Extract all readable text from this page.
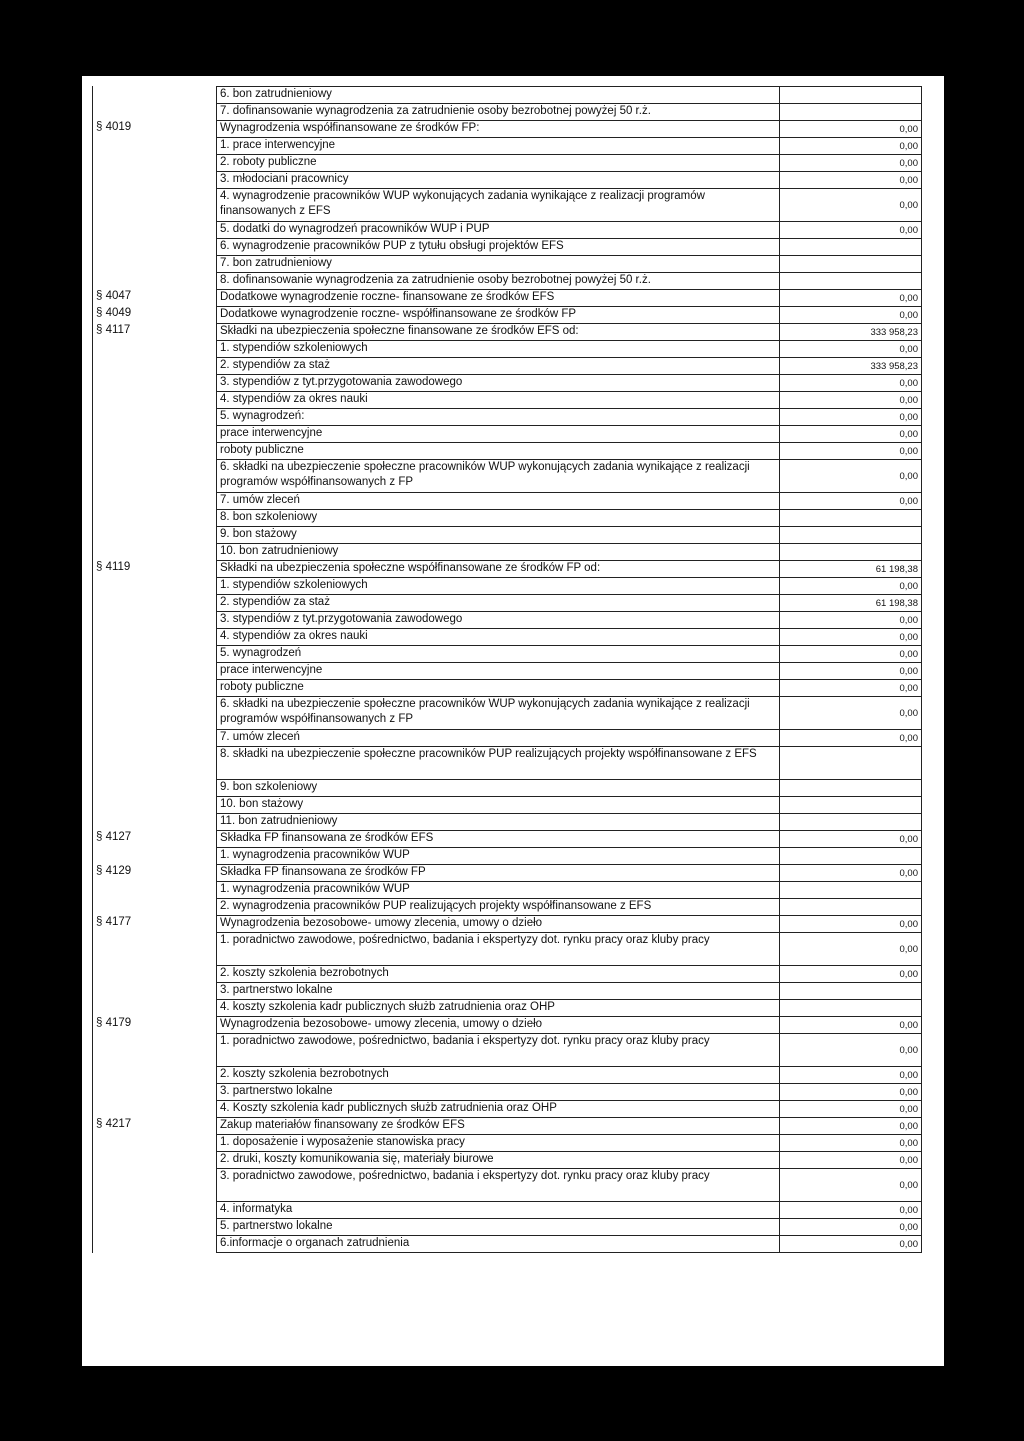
	6. bon zatrudnieniowy	
	7. dofinansowanie wynagrodzenia za zatrudnienie osoby bezrobotnej powyżej 50 r.ż.	
§ 4019	Wynagrodzenia współfinansowane ze środków FP:	0,00
	1. prace interwencyjne	0,00
	2. roboty publiczne	0,00
	3. młodociani pracownicy	0,00
	4. wynagrodzenie pracowników WUP wykonujących zadania wynikające z realizacji programów finansowanych z EFS	0,00
	5. dodatki do wynagrodzeń pracowników WUP i PUP	0,00
	6. wynagrodzenie pracowników PUP z tytułu obsługi projektów EFS	
	7. bon zatrudnieniowy	
	8. dofinansowanie wynagrodzenia za zatrudnienie osoby bezrobotnej powyżej 50 r.ż.	
§ 4047	Dodatkowe wynagrodzenie roczne- finansowane ze środków EFS	0,00
§ 4049	Dodatkowe wynagrodzenie roczne- współfinansowane ze środków FP	0,00
§ 4117	Składki na ubezpieczenia społeczne finansowane ze środków EFS od:	333 958,23
	1. stypendiów szkoleniowych	0,00
	2. stypendiów za staż	333 958,23
	3. stypendiów z tyt.przygotowania zawodowego	0,00
	4. stypendiów za okres nauki	0,00
	5. wynagrodzeń:	0,00
	prace interwencyjne	0,00
	roboty publiczne	0,00
	6. składki na ubezpieczenie społeczne pracowników WUP wykonujących zadania wynikające z realizacji programów współfinansowanych z FP	0,00
	7. umów zleceń	0,00
	8. bon szkoleniowy	
	9. bon stażowy	
	10. bon zatrudnieniowy	
§ 4119	Składki na ubezpieczenia społeczne współfinansowane ze środków FP od:	61 198,38
	1. stypendiów szkoleniowych	0,00
	2. stypendiów za staż	61 198,38
	3. stypendiów z tyt.przygotowania zawodowego	0,00
	4. stypendiów za okres nauki	0,00
	5. wynagrodzeń	0,00
	prace interwencyjne	0,00
	roboty publiczne	0,00
	6. składki na ubezpieczenie społeczne pracowników WUP wykonujących zadania wynikające z realizacji programów współfinansowanych z FP	0,00
	7. umów zleceń	0,00
	8. składki na ubezpieczenie społeczne pracowników PUP realizujących projekty współfinansowane z EFS	
	9. bon szkoleniowy	
	10. bon stażowy	
	11. bon zatrudnieniowy	
§ 4127	Składka FP finansowana ze środków EFS	0,00
	1. wynagrodzenia pracowników WUP	
§ 4129	Składka FP finansowana ze środków FP	0,00
	1. wynagrodzenia pracowników WUP	
	2. wynagrodzenia pracowników PUP realizujących projekty współfinansowane z EFS	
§ 4177	Wynagrodzenia bezosobowe- umowy zlecenia, umowy o dzieło	0,00
	1. poradnictwo zawodowe, pośrednictwo, badania i ekspertyzy dot. rynku pracy oraz kluby pracy	0,00
	2. koszty szkolenia bezrobotnych	0,00
	3. partnerstwo lokalne	
	4. koszty szkolenia kadr publicznych służb zatrudnienia oraz OHP	
§ 4179	Wynagrodzenia bezosobowe- umowy zlecenia, umowy o dzieło	0,00
	1. poradnictwo zawodowe, pośrednictwo, badania i ekspertyzy dot. rynku pracy oraz kluby pracy	0,00
	2. koszty szkolenia bezrobotnych	0,00
	3. partnerstwo lokalne	0,00
	4. Koszty szkolenia kadr publicznych służb zatrudnienia oraz OHP	0,00
§ 4217	Zakup materiałów finansowany ze środków EFS	0,00
	1. doposażenie i wyposażenie stanowiska pracy	0,00
	2. druki, koszty komunikowania się, materiały biurowe	0,00
	3. poradnictwo zawodowe, pośrednictwo, badania i ekspertyzy dot. rynku pracy oraz kluby pracy	0,00
	4. informatyka	0,00
	5. partnerstwo lokalne	0,00
	6.informacje o organach zatrudnienia	0,00
